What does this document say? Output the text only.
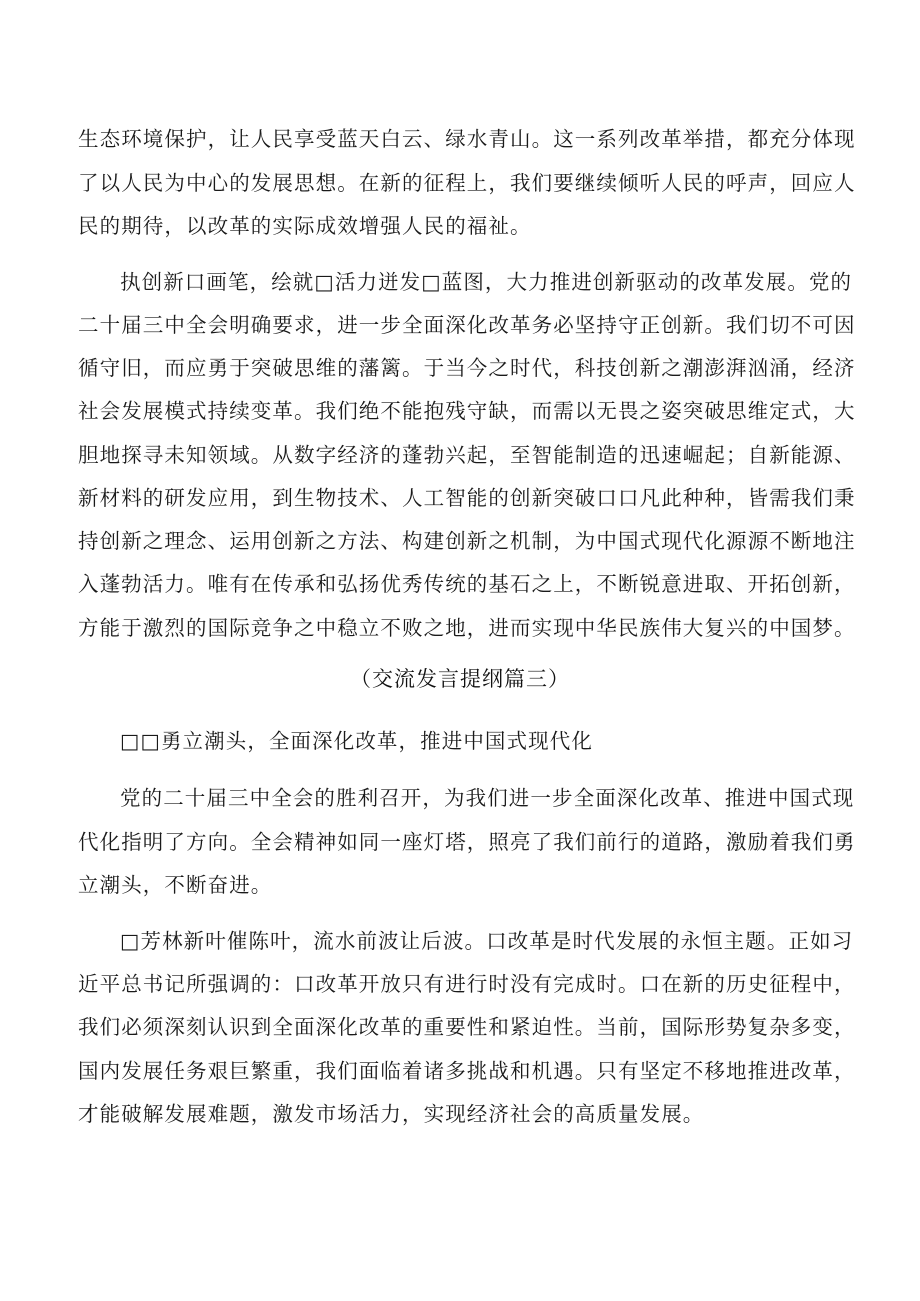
生态环境保护，让人民享受蓝天白云、绿水青山。这一系列改革举措，都充分体现
了以人民为中心的发展思想。在新的征程上，我们要继续倾听人民的呼声，回应人
民的期待，以改革的实际成效增强人民的福祉。
执创新口画笔，绘就□活力迸发□蓝图，大力推进创新驱动的改革发展。党的
二十届三中全会明确要求，进一步全面深化改革务必坚持守正创新。我们切不可因
循守旧，而应勇于突破思维的藩篱。于当今之时代，科技创新之潮澎湃汹涌，经济
社会发展模式持续变革。我们绝不能抱残守缺，而需以无畏之姿突破思维定式，大
胆地探寻未知领域。从数字经济的蓬勃兴起，至智能制造的迅速崛起；自新能源、
新材料的研发应用，到生物技术、人工智能的创新突破口口凡此种种，皆需我们秉
持创新之理念、运用创新之方法、构建创新之机制，为中国式现代化源源不断地注
入蓬勃活力。唯有在传承和弘扬优秀传统的基石之上，不断锐意进取、开拓创新，
方能于激烈的国际竞争之中稳立不败之地，进而实现中华民族伟大复兴的中国梦。
（交流发言提纲篇三）
□□勇立潮头，全面深化改革，推进中国式现代化
党的二十届三中全会的胜利召开，为我们进一步全面深化改革、推进中国式现
代化指明了方向。全会精神如同一座灯塔，照亮了我们前行的道路，激励着我们勇
立潮头，不断奋进。
□芳林新叶催陈叶，流水前波让后波。口改革是时代发展的永恒主题。正如习
近平总书记所强调的：口改革开放只有进行时没有完成时。口在新的历史征程中，
我们必须深刻认识到全面深化改革的重要性和紧迫性。当前，国际形势复杂多变，
国内发展任务艰巨繁重，我们面临着诸多挑战和机遇。只有坚定不移地推进改革，
才能破解发展难题，激发市场活力，实现经济社会的高质量发展。
